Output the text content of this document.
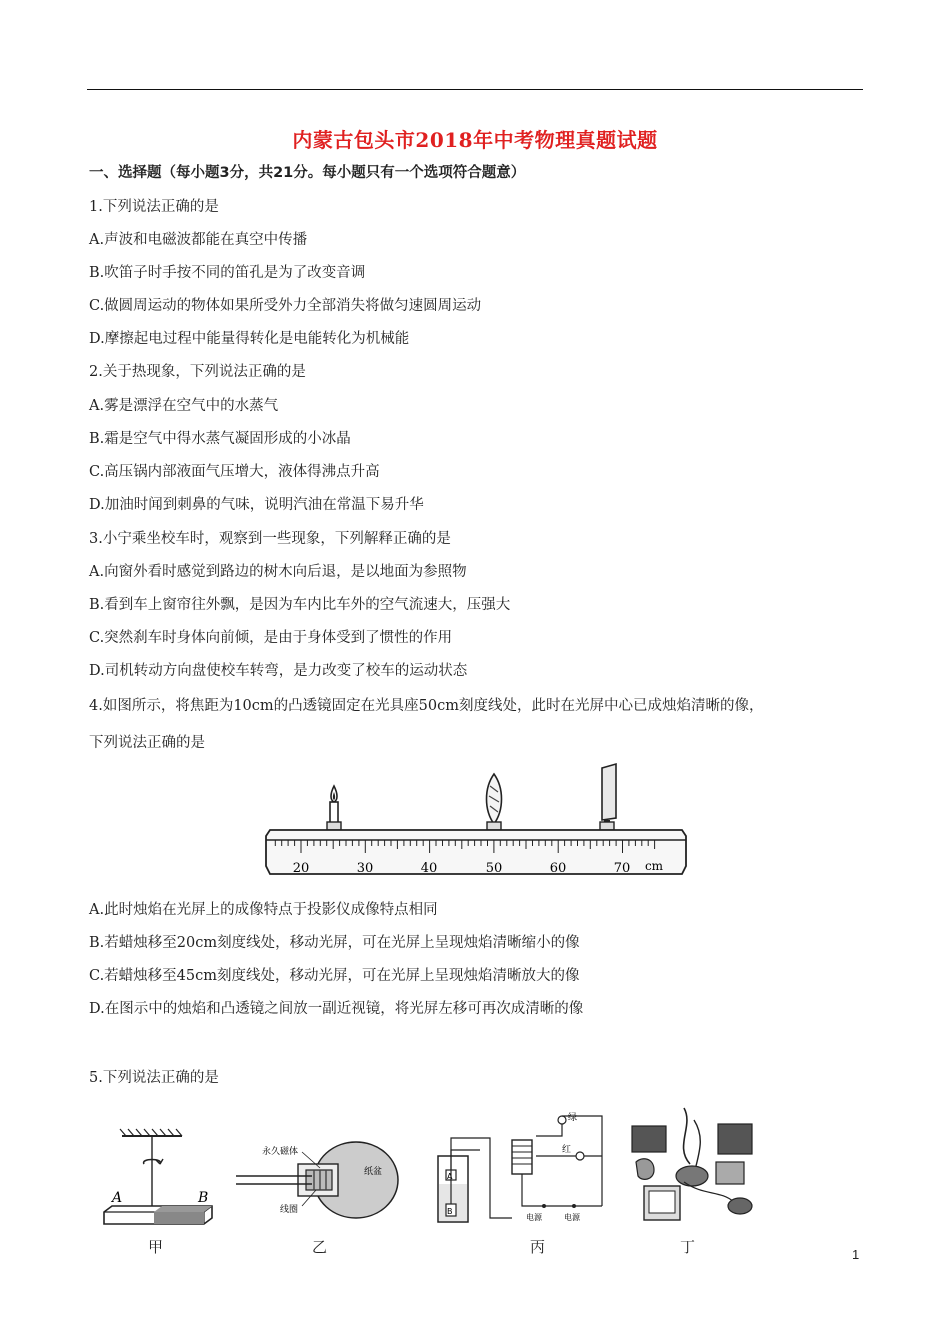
内蒙古包头市2018年中考物理真题试题
一、选择题（每小题3分，共21分。每小题只有一个选项符合题意）
1.下列说法正确的是
A.声波和电磁波都能在真空中传播
B.吹笛子时手按不同的笛孔是为了改变音调
C.做圆周运动的物体如果所受外力全部消失将做匀速圆周运动
D.摩擦起电过程中能量得转化是电能转化为机械能
2.关于热现象，下列说法正确的是
A.雾是漂浮在空气中的水蒸气
B.霜是空气中得水蒸气凝固形成的小冰晶
C.高压锅内部液面气压增大，液体得沸点升高
D.加油时闻到刺鼻的气味，说明汽油在常温下易升华
3.小宁乘坐校车时，观察到一些现象，下列解释正确的是
A.向窗外看时感觉到路边的树木向后退，是以地面为参照物
B.看到车上窗帘往外飘，是因为车内比车外的空气流速大，压强大
C.突然刹车时身体向前倾，是由于身体受到了惯性的作用
D.司机转动方向盘使校车转弯，是力改变了校车的运动状态
4.如图所示，将焦距为10cm的凸透镜固定在光具座50cm刻度线处，此时在光屏中心已成烛焰清晰的像，
下列说法正确的是
20	30	40	50	60	70 cm
A.此时烛焰在光屏上的成像特点于投影仪成像特点相同
B.若蜡烛移至20cm刻度线处，移动光屏，可在光屏上呈现烛焰清晰缩小的像
C.若蜡烛移至45cm刻度线处，移动光屏，可在光屏上呈现烛焰清晰放大的像
D.在图示中的烛焰和凸透镜之间放一副近视镜，将光屏左移可再次成清晰的像
5.下列说法正确的是
A	B
甲
永久磁体
线圈
纸盆
乙
A
B
绿
红
电源	电源
丙	丁	1
